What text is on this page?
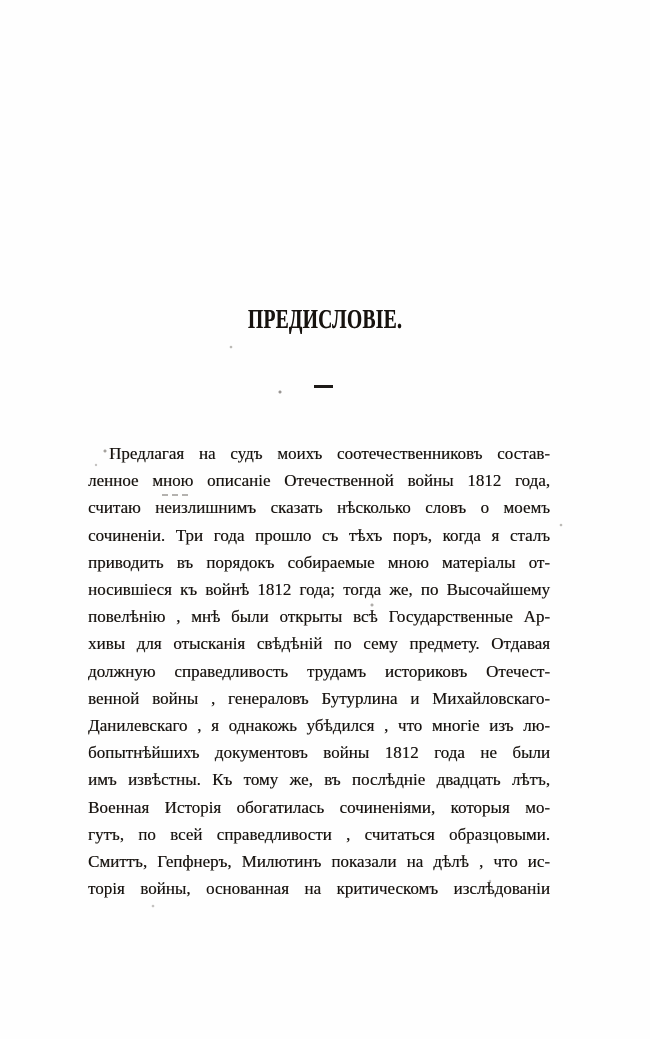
ПРЕДИСЛОВІЕ.

Предлагая на судъ моихъ соотечественниковъ состав-

ленное мною описаніе Отечественной войны 1812 года,

считаю неизлишнимъ сказать нѣсколько словъ о моемъ

сочиненіи. Три года прошло съ тѣхъ поръ, когда я сталъ

приводить въ порядокъ собираемые мною матеріалы от-

носившіеся къ войнѣ 1812 года; тогда же, по Высочайшему

повелѣнію , мнѣ были открыты всѣ Государственные Ар-

хивы для отысканія свѣдѣній по сему предмету. Отдавая

должную справедливость трудамъ историковъ Отечест-

венной войны , генераловъ Бутурлина и Михайловскаго-

Данилевскаго , я однакожь убѣдился , что многіе изъ лю-

бопытнѣйшихъ документовъ войны 1812 года не были

имъ извѣстны. Къ тому же, въ послѣдніе двадцать лѣтъ,

Военная Исторія обогатилась сочиненіями, которыя мо-

гутъ, по всей справедливости , считаться образцовыми.

Смиттъ, Гепфнеръ, Милютинъ показали на дѣлѣ , что ис-

торія войны, основанная на критическомъ изслѣдованіи
